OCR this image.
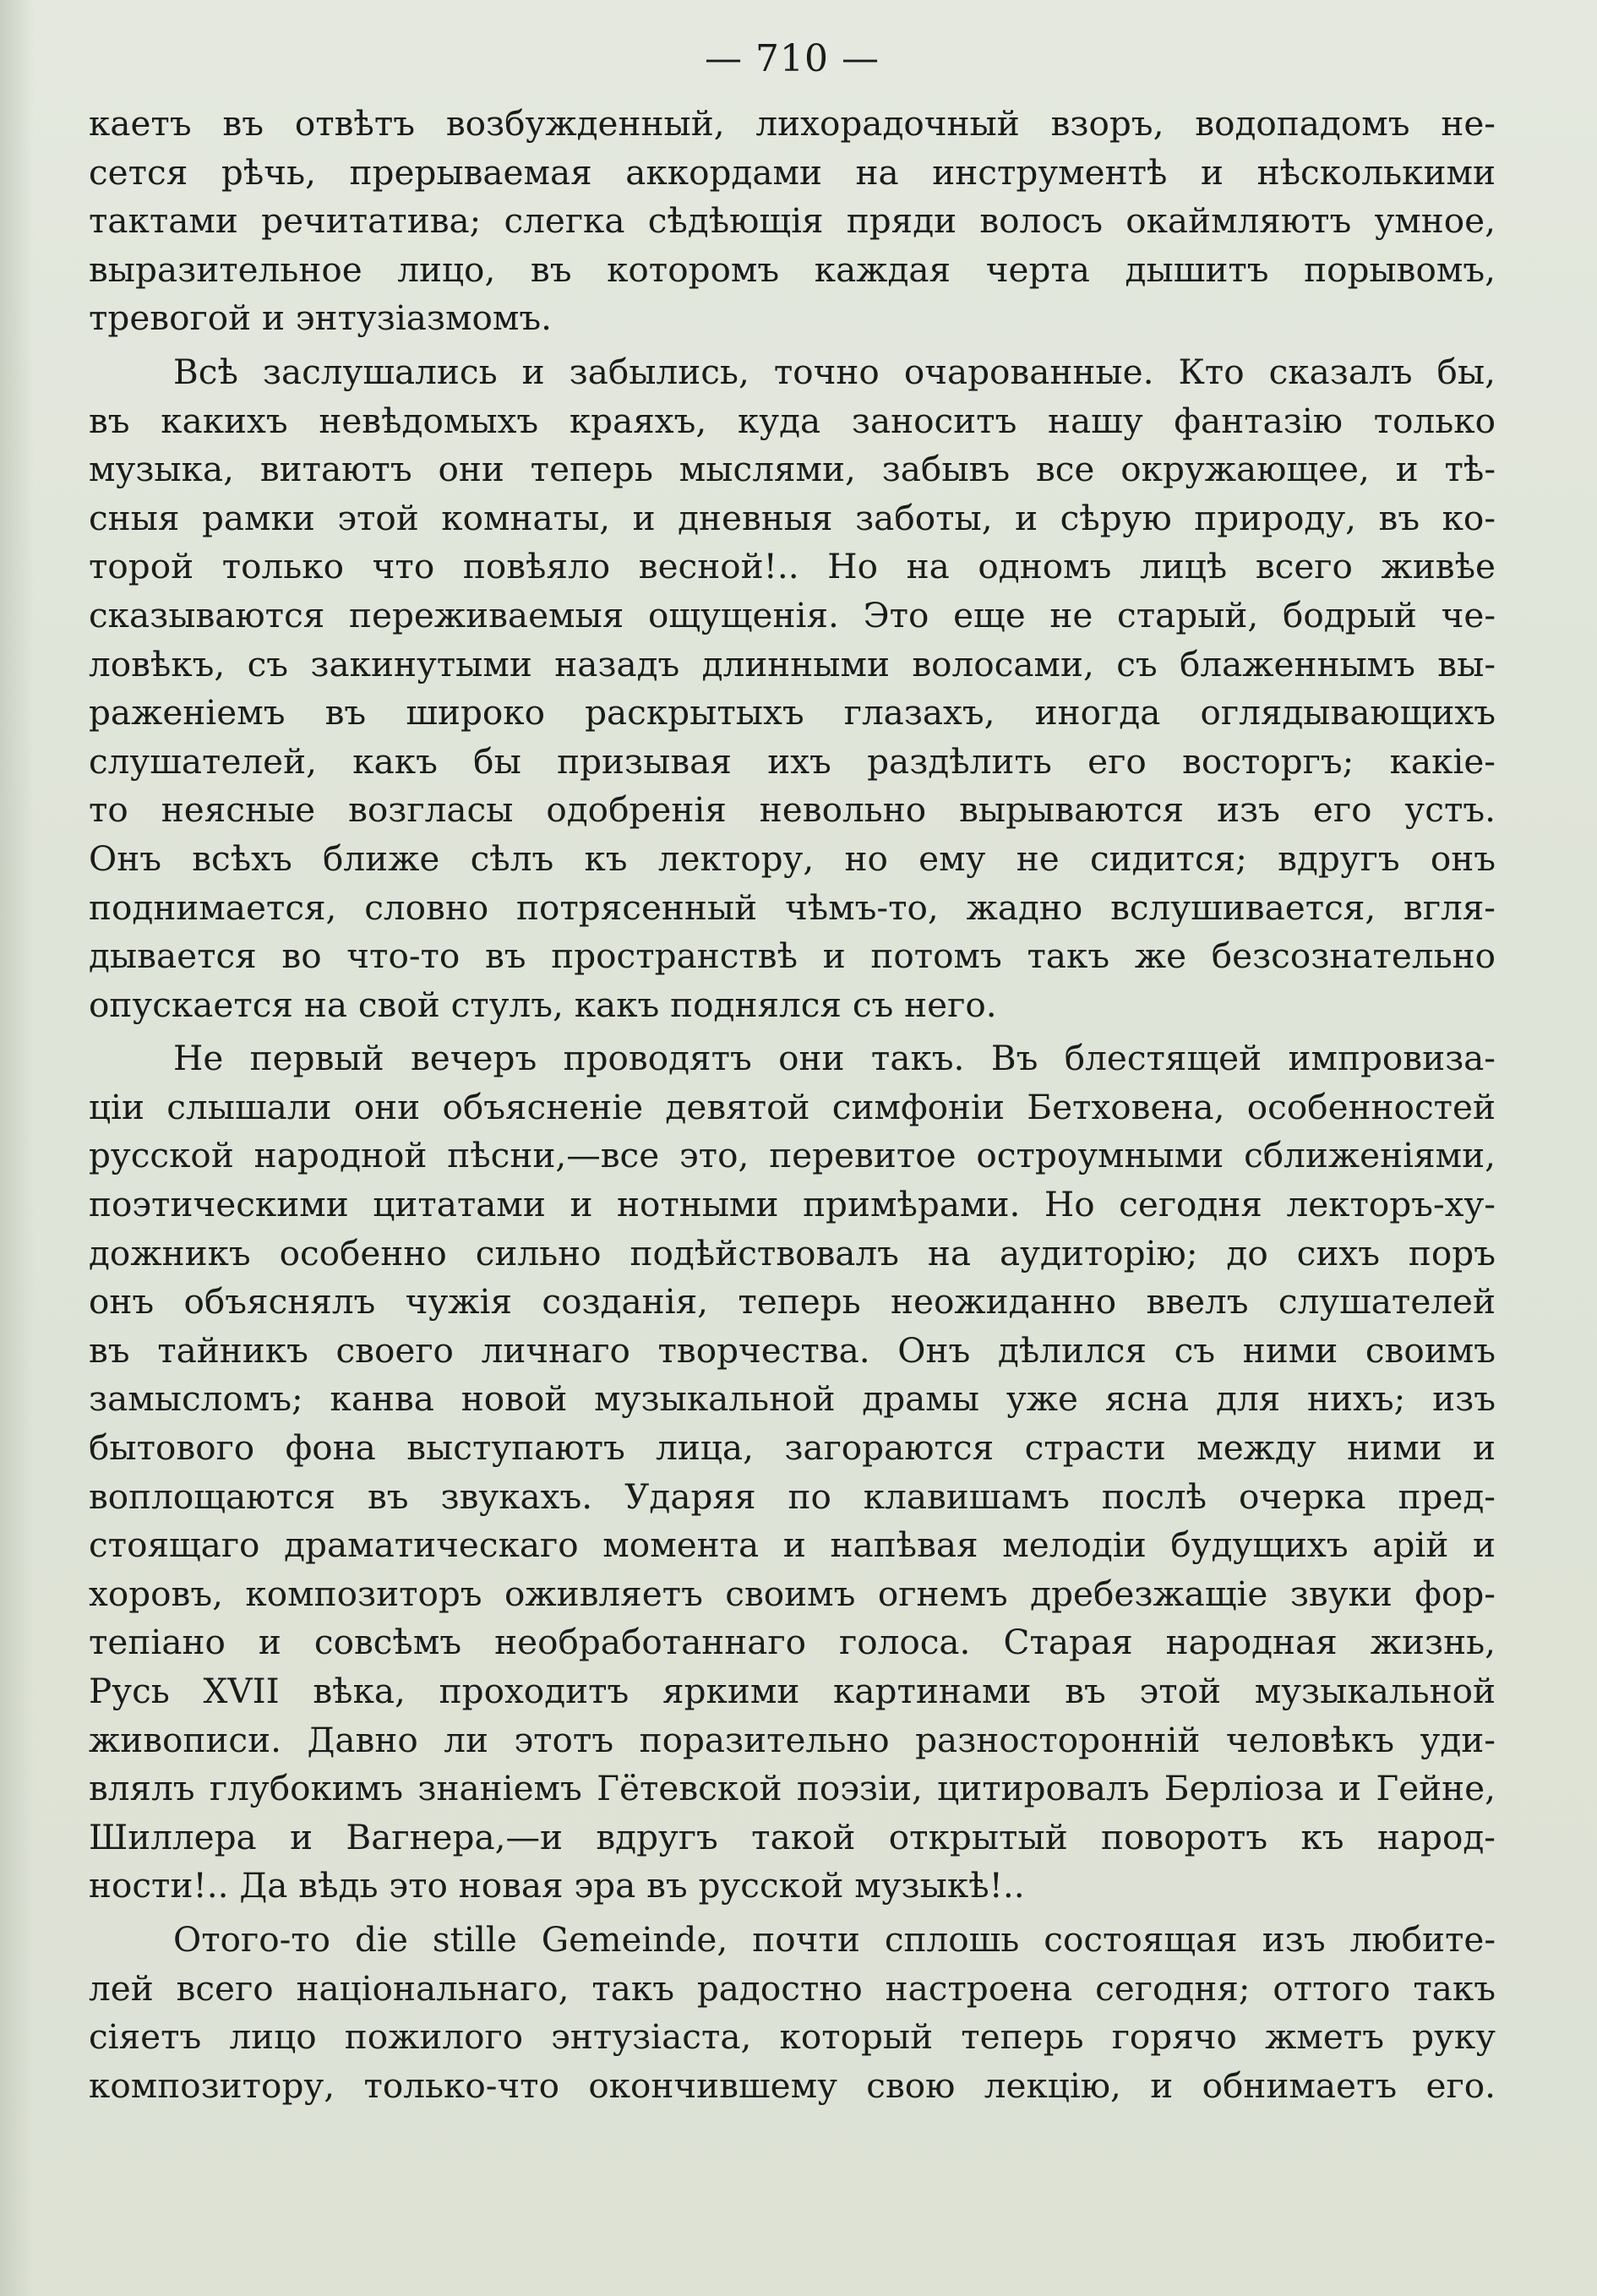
— 710 —
каетъ въ отвѣтъ возбужденный, лихорадочный взоръ, водопадомъ не-
сется рѣчь, прерываемая аккордами на инструментѣ и нѣсколькими
тактами речитатива; слегка сѣдѣющія пряди волосъ окаймляютъ умное,
выразительное лицо, въ которомъ каждая черта дышитъ порывомъ,
тревогой и энтузіазмомъ.
Всѣ заслушались и забылись, точно очарованные. Кто сказалъ бы,
въ какихъ невѣдомыхъ краяхъ, куда заноситъ нашу фантазію только
музыка, витаютъ они теперь мыслями, забывъ все окружающее, и тѣ-
сныя рамки этой комнаты, и дневныя заботы, и сѣрую природу, въ ко-
торой только что повѣяло весной!.. Но на одномъ лицѣ всего живѣе
сказываются переживаемыя ощущенія. Это еще не старый, бодрый че-
ловѣкъ, съ закинутыми назадъ длинными волосами, съ блаженнымъ вы-
раженіемъ въ широко раскрытыхъ глазахъ, иногда оглядывающихъ
слушателей, какъ бы призывая ихъ раздѣлить его восторгъ; какіе-
то неясные возгласы одобренія невольно вырываются изъ его устъ.
Онъ всѣхъ ближе сѣлъ къ лектору, но ему не сидится; вдругъ онъ
поднимается, словно потрясенный чѣмъ-то, жадно вслушивается, вгля-
дывается во что-то въ пространствѣ и потомъ такъ же безсознательно
опускается на свой стулъ, какъ поднялся съ него.
Не первый вечеръ проводятъ они такъ. Въ блестящей импровиза-
ціи слышали они объясненіе девятой симфоніи Бетховена, особенностей
русской народной пѣсни,—все это, перевитое остроумными сближеніями,
поэтическими цитатами и нотными примѣрами. Но сегодня лекторъ-ху-
дожникъ особенно сильно подѣйствовалъ на аудиторію; до сихъ поръ
онъ объяснялъ чужія созданія, теперь неожиданно ввелъ слушателей
въ тайникъ своего личнаго творчества. Онъ дѣлился съ ними своимъ
замысломъ; канва новой музыкальной драмы уже ясна для нихъ; изъ
бытового фона выступаютъ лица, загораются страсти между ними и
воплощаются въ звукахъ. Ударяя по клавишамъ послѣ очерка пред-
стоящаго драматическаго момента и напѣвая мелодіи будущихъ арій и
хоровъ, композиторъ оживляетъ своимъ огнемъ дребезжащіе звуки фор-
тепіано и совсѣмъ необработаннаго голоса. Старая народная жизнь,
Русь XVII вѣка, проходитъ яркими картинами въ этой музыкальной
живописи. Давно ли этотъ поразительно разносторонній человѣкъ уди-
влялъ глубокимъ знаніемъ Гётевской поэзіи, цитировалъ Берліоза и Гейне,
Шиллера и Вагнера,—и вдругъ такой открытый поворотъ къ народ-
ности!.. Да вѣдь это новая эра въ русской музыкѣ!..
Отого-то die stille Gemeinde, почти сплошь состоящая изъ любите-
лей всего національнаго, такъ радостно настроена сегодня; оттого такъ
сіяетъ лицо пожилого энтузіаста, который теперь горячо жметъ руку
композитору, только-что окончившему свою лекцію, и обнимаетъ его.
